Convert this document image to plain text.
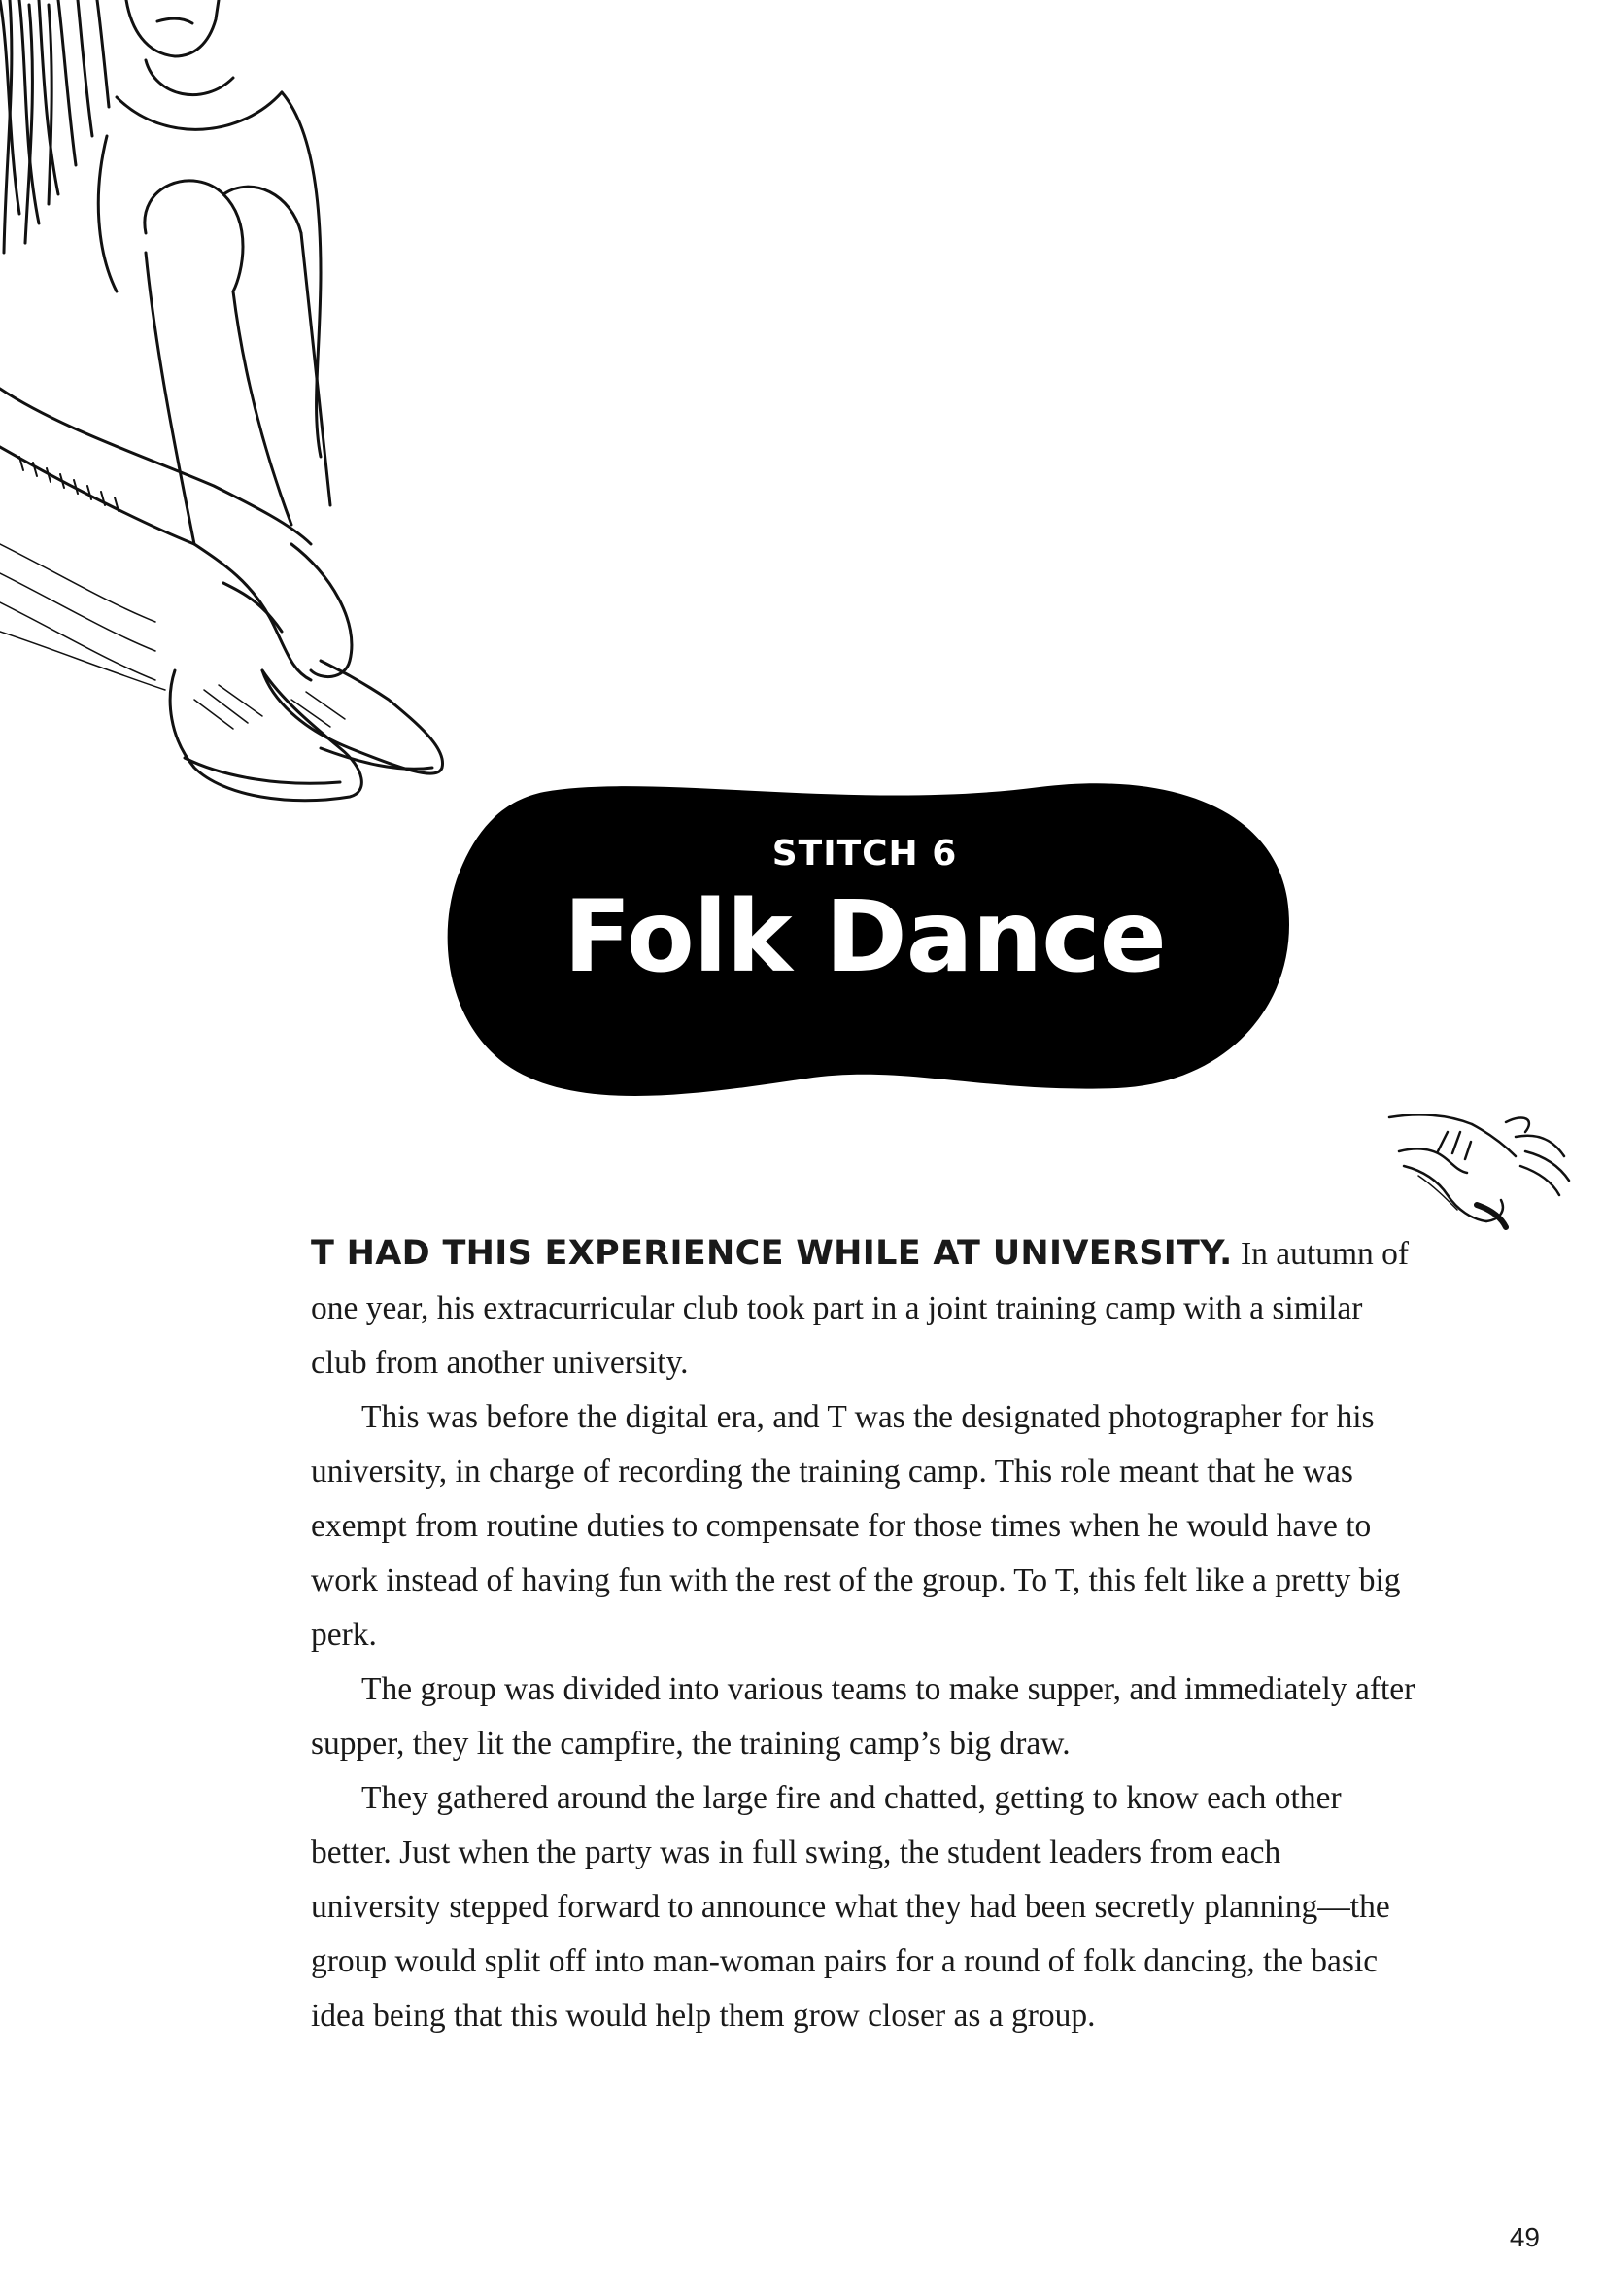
STITCH 6
Folk Dance

T HAD THIS EXPERIENCE WHILE AT UNIVERSITY. In autumn of one year, his extracurricular club took part in a joint training camp with a similar club from another university.

This was before the digital era, and T was the designated photographer for his university, in charge of recording the training camp. This role meant that he was exempt from routine duties to compensate for those times when he would have to work instead of having fun with the rest of the group. To T, this felt like a pretty big perk.

The group was divided into various teams to make supper, and immediately after supper, they lit the campfire, the training camp’s big draw.

They gathered around the large fire and chatted, getting to know each other better. Just when the party was in full swing, the student leaders from each university stepped forward to announce what they had been secretly planning—the group would split off into man-woman pairs for a round of folk dancing, the basic idea being that this would help them grow closer as a group.

49
